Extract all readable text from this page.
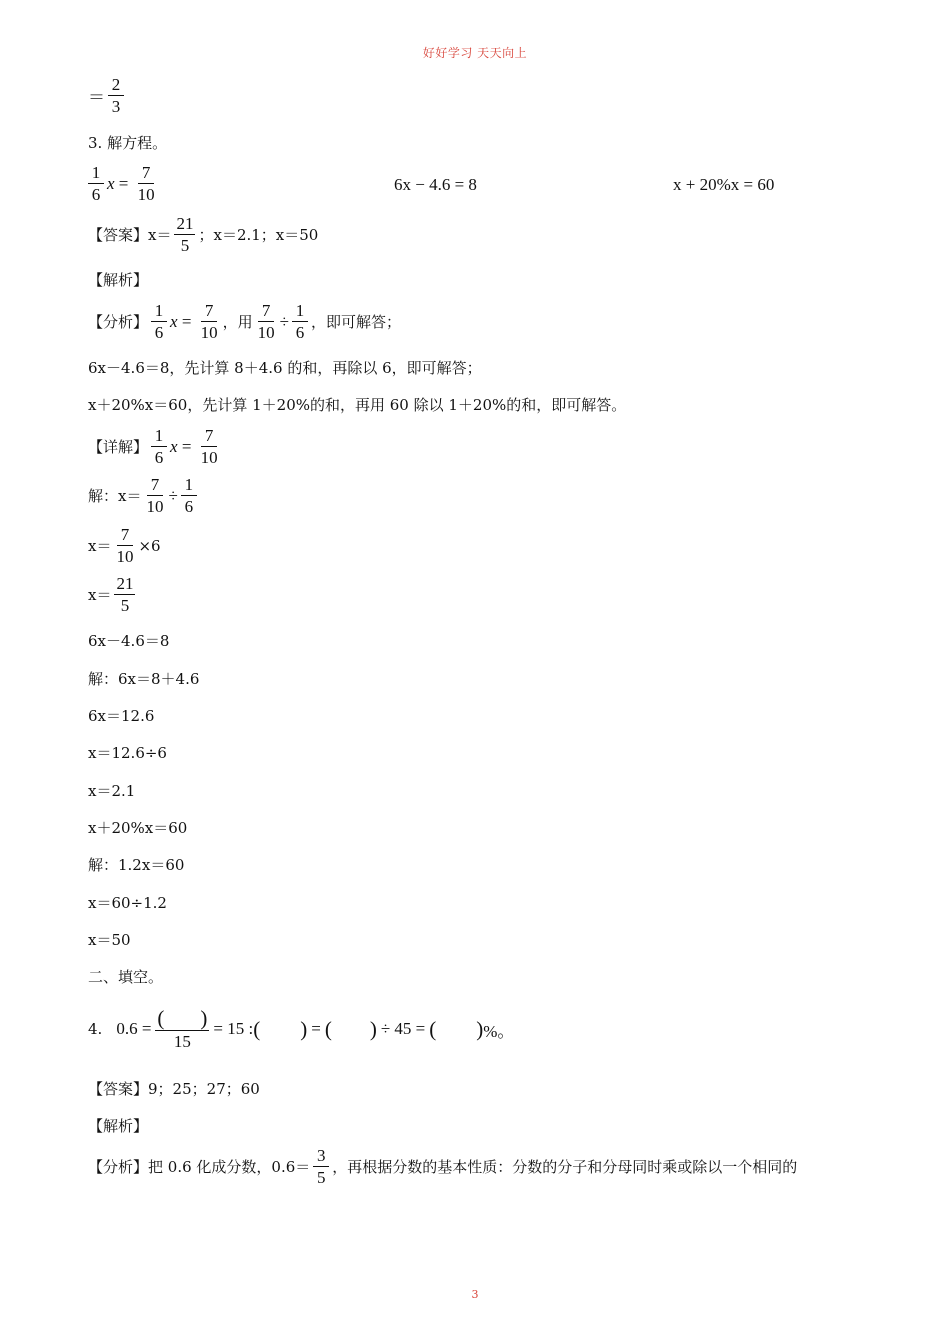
好好学习 天天向上
＝ $\frac{2}{3}$
3. 解方程。
$\frac{1}{6}$ $x = \frac{7}{10}$	6x − 4.6 = 8	x + 20%x = 60
【答案】 $x= \frac{21}{5}$ ；x＝2.1；x＝50
【解析】
【分析】 $\frac{1}{6}$ $x = \frac{7}{10}$ ，用 $\frac{7}{10} \div \frac{1}{6}$ ，即可解答；
6x－4.6＝8，先计算 8＋4.6 的和，再除以 6，即可解答；
x＋20%x＝60，先计算 1＋20%的和，再用 60 除以 1＋20%的和，即可解答。
【详解】 $\frac{1}{6}$ $x = \frac{7}{10}$
解：$x= \frac{7}{10} \div \frac{1}{6}$
$x= \frac{7}{10} \times 6$
$x= \frac{21}{5}$
6x－4.6＝8
解：6x＝8＋4.6
6x＝12.6
x＝12.6÷6
x＝2.1
x＋20%x＝60
解：1.2x＝60
x＝60÷1.2
x＝50
二、填空。
4. $0.6 = \frac{( )}{15} = 15$ : ( ) = ( ) ÷ 45 = ( ) %。
【答案】 9；25；27；60
【解析】
【分析】 把 0.6 化成分数，$0.6= \frac{3}{5}$ ，再根据分数的基本性质：分数的分子和分母同时乘或除以一个相同的
3
